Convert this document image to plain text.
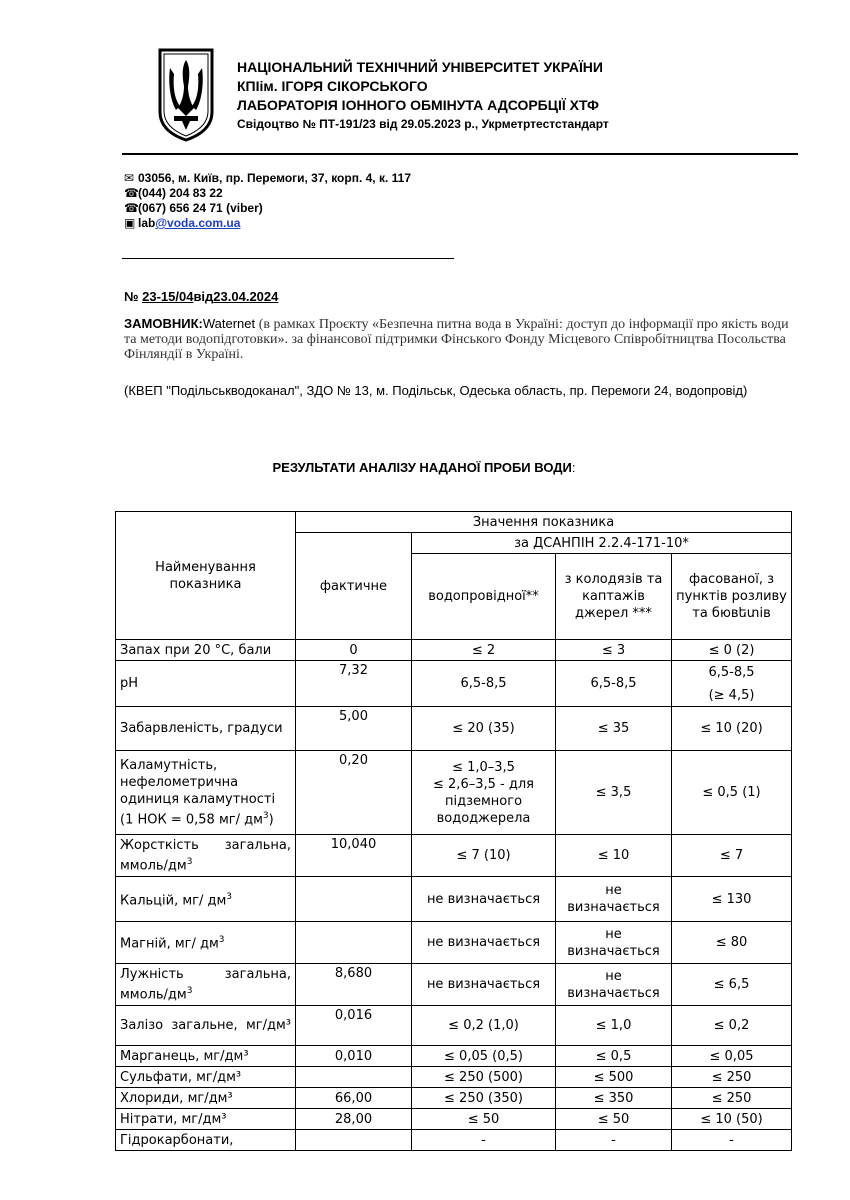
НАЦІОНАЛЬНИЙ ТЕХНІЧНИЙ УНІВЕРСИТЕТ УКРАЇНИ
КПІім. ІГОРЯ СІКОРСЬКОГО
ЛАБОРАТОРІЯ ІОННОГО ОБМІНУТА АДСОРБЦІЇ ХТФ
Свідоцтво № ПТ-191/23 від 29.05.2023 р., Укрметртестстандарт
✉ 03056, м. Київ, пр. Перемоги, 37, корп. 4, к. 117
☎ (044) 204 83 22
☎ (067) 656 24 71 (viber)
▣ lab @voda.com.ua
№ 23-15/04від23.04.2024
ЗАМОВНИК:Waternet (в рамках Проєкту «Безпечна питна вода в Україні: доступ до інформації про якість води та методи водопідготовки». за фінансової підтримки Фінського Фонду Місцевого Співробітництва Посольства Фінляндії в Україні.
(КВЕП "Подільськводоканал", ЗДО № 13, м. Подільськ, Одеська область, пр. Перемоги 24, водопровід)
РЕЗУЛЬТАТИ АНАЛІЗУ НАДАНОЇ ПРОБИ ВОДИ:
Найменування показника	Значення показника			
	фактичне	за ДСАНПІН 2.2.4-171-10*		
		водопровідної**	з колодязів та каптажів джерел ***	фасованої, з пунктів розливу та бювետів
Запах при 20 °С, бали	0	≤ 2	≤ 3	≤ 0 (2)
pH	7,32	6,5-8,5	6,5-8,5	6,5-8,5
(≥ 4,5)

Забарвленість, градуси	5,00	≤ 20 (35)	≤ 35	≤ 10 (20)
Каламутність, нефелометрична одиниця каламутності (1 НОК = 0,58 мг/ $дм^3$)	0,20	≤ 1,0–3,5
≤ 2,6–3,5 - для підземного вододжерела	≤ 3,5	≤ 0,5 (1)
Жорсткість загальна, ммоль/$дм^3$	10,040	≤ 7 (10)	≤ 10	≤ 7
Кальцій, мг/ $дм^3$		не визначається	не визначається	≤ 130
Магній, мг/ $дм^3$		не визначається	не визначається	≤ 80
Лужність загальна, ммоль/$дм^3$	8,680	не визначається	не визначається	≤ 6,5
Залізо загальне, мг/дм³	0,016	≤ 0,2 (1,0)	≤ 1,0	≤ 0,2
Марганець, мг/дм³	0,010	≤ 0,05 (0,5)	≤ 0,5	≤ 0,05
Сульфати, мг/дм³		≤ 250 (500)	≤ 500	≤ 250
Хлориди, мг/дм³	66,00	≤ 250 (350)	≤ 350	≤ 250
Нітрати, мг/дм³	28,00	≤ 50	≤ 50	≤ 10 (50)
Гідрокарбонати,		-	-	-
